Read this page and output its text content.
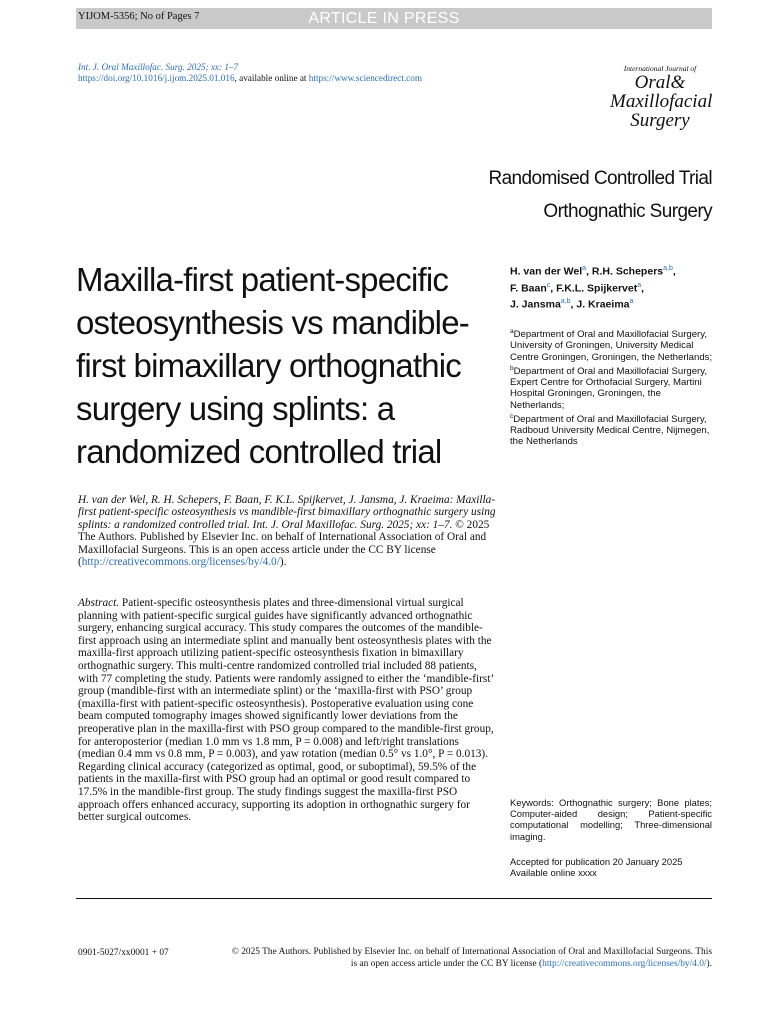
YIJOM-5356; No of Pages 7	ARTICLE IN PRESS
Int. J. Oral Maxillofac. Surg. 2025; xx: 1–7
https://doi.org/10.1016/j.ijom.2025.01.016, available online at https://www.sciencedirect.com
International Journal of
Oral&
Maxillofacial
Surgery
Randomised Controlled Trial
Orthognathic Surgery
Maxilla-first patient-specific osteosynthesis vs mandible-first bimaxillary orthognathic surgery using splints: a randomized controlled trial
H. van der Wel$^a$, R.H. Schepers$^{a,b}$,
F. Baan$^c$, F.K.L. Spijkervet$^a$,
J. Jansma$^{a,b}$, J. Kraeima$^a$
$^a$Department of Oral and Maxillofacial Surgery, University of Groningen, University Medical Centre Groningen, Groningen, the Netherlands; $^b$Department of Oral and Maxillofacial Surgery, Expert Centre for Orthofacial Surgery, Martini Hospital Groningen, Groningen, the Netherlands;
$^c$Department of Oral and Maxillofacial Surgery, Radboud University Medical Centre, Nijmegen, the Netherlands
H. van der Wel, R. H. Schepers, F. Baan, F. K.L. Spijkervet, J. Jansma, J. Kraeima: Maxilla-first patient-specific osteosynthesis vs mandible-first bimaxillary orthognathic surgery using splints: a randomized controlled trial. Int. J. Oral Maxillofac. Surg. 2025; xx: 1–7. © 2025 The Authors. Published by Elsevier Inc. on behalf of International Association of Oral and Maxillofacial Surgeons. This is an open access article under the CC BY license (http://creativecommons.org/licenses/by/4.0/).
Abstract. Patient-specific osteosynthesis plates and three-dimensional virtual surgical planning with patient-specific surgical guides have significantly advanced orthognathic surgery, enhancing surgical accuracy. This study compares the outcomes of the mandible-first approach using an intermediate splint and manually bent osteosynthesis plates with the maxilla-first approach utilizing patient-specific osteosynthesis fixation in bimaxillary orthognathic surgery. This multi-centre randomized controlled trial included 88 patients, with 77 completing the study. Patients were randomly assigned to either the ‘mandible-first’ group (mandible-first with an intermediate splint) or the ‘maxilla-first with PSO’ group (maxilla-first with patient-specific osteosynthesis). Postoperative evaluation using cone beam computed tomography images showed significantly lower deviations from the preoperative plan in the maxilla-first with PSO group compared to the mandible-first group, for anteroposterior (median 1.0 mm vs 1.8 mm, P = 0.008) and left/right translations (median 0.4 mm vs 0.8 mm, P = 0.003), and yaw rotation (median 0.5° vs 1.0°, P = 0.013). Regarding clinical accuracy (categorized as optimal, good, or suboptimal), 59.5% of the patients in the maxilla-first with PSO group had an optimal or good result compared to 17.5% in the mandible-first group. The study findings suggest the maxilla-first PSO approach offers enhanced accuracy, supporting its adoption in orthognathic surgery for better surgical outcomes.
Keywords: Orthognathic surgery; Bone plates; Computer-aided design; Patient-specific computational modelling; Three-dimensional imaging.
Accepted for publication 20 January 2025
Available online xxxx
0901-5027/xx0001 + 07	© 2025 The Authors. Published by Elsevier Inc. on behalf of International Association of Oral and Maxillofacial Surgeons. This is an open access article under the CC BY license (http://creativecommons.org/licenses/by/4.0/).
